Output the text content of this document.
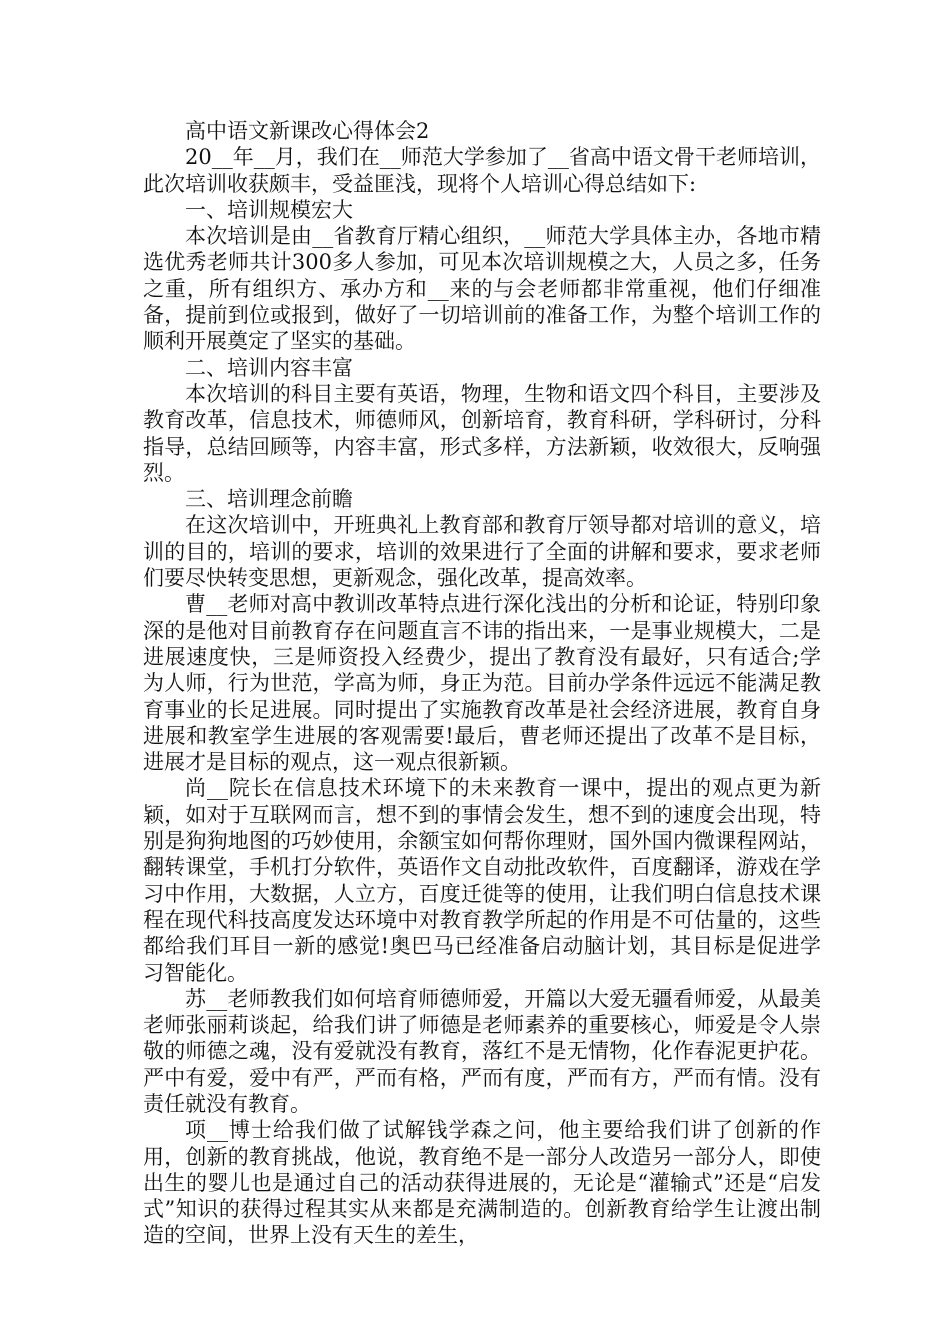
高中语文新课改心得体会2

20__年__月，我们在__师范大学参加了__省高中语文骨干老师培训，此次培训收获颇丰，受益匪浅，现将个人培训心得总结如下:

一、培训规模宏大

本次培训是由__省教育厅精心组织，__师范大学具体主办，各地市精选优秀老师共计300多人参加，可见本次培训规模之大，人员之多，任务之重，所有组织方、承办方和__来的与会老师都非常重视，他们仔细准备，提前到位或报到，做好了一切培训前的准备工作，为整个培训工作的顺利开展奠定了坚实的基础。

二、培训内容丰富

本次培训的科目主要有英语，物理，生物和语文四个科目，主要涉及教育改革，信息技术，师德师风，创新培育，教育科研，学科研讨，分科指导，总结回顾等，内容丰富，形式多样，方法新颖，收效很大，反响强烈。

三、培训理念前瞻

在这次培训中，开班典礼上教育部和教育厅领导都对培训的意义，培训的目的，培训的要求，培训的效果进行了全面的讲解和要求，要求老师们要尽快转变思想，更新观念，强化改革，提高效率。

曹__老师对高中教训改革特点进行深化浅出的分析和论证，特别印象深的是他对目前教育存在问题直言不讳的指出来，一是事业规模大，二是进展速度快，三是师资投入经费少，提出了教育没有最好，只有适合;学为人师，行为世范，学高为师，身正为范。目前办学条件远远不能满足教育事业的长足进展。同时提出了实施教育改革是社会经济进展，教育自身进展和教室学生进展的客观需要!最后，曹老师还提出了改革不是目标，进展才是目标的观点，这一观点很新颖。

尚__院长在信息技术环境下的未来教育一课中，提出的观点更为新颖，如对于互联网而言，想不到的事情会发生，想不到的速度会出现，特别是狗狗地图的巧妙使用，余额宝如何帮你理财，国外国内微课程网站，翻转课堂，手机打分软件，英语作文自动批改软件，百度翻译，游戏在学习中作用，大数据，人立方，百度迁徙等的使用，让我们明白信息技术课程在现代科技高度发达环境中对教育教学所起的作用是不可估量的，这些都给我们耳目一新的感觉!奥巴马已经准备启动脑计划，其目标是促进学习智能化。

苏__老师教我们如何培育师德师爱，开篇以大爱无疆看师爱，从最美老师张丽莉谈起，给我们讲了师德是老师素养的重要核心，师爱是令人崇敬的师德之魂，没有爱就没有教育，落红不是无情物，化作春泥更护花。严中有爱，爱中有严，严而有格，严而有度，严而有方，严而有情。没有责任就没有教育。

项__博士给我们做了试解钱学森之问，他主要给我们讲了创新的作用，创新的教育挑战，他说，教育绝不是一部分人改造另一部分人，即使出生的婴儿也是通过自己的活动获得进展的，无论是“灌输式”还是“启发式”知识的获得过程其实从来都是充满制造的。创新教育给学生让渡出制造的空间，世界上没有天生的差生，
